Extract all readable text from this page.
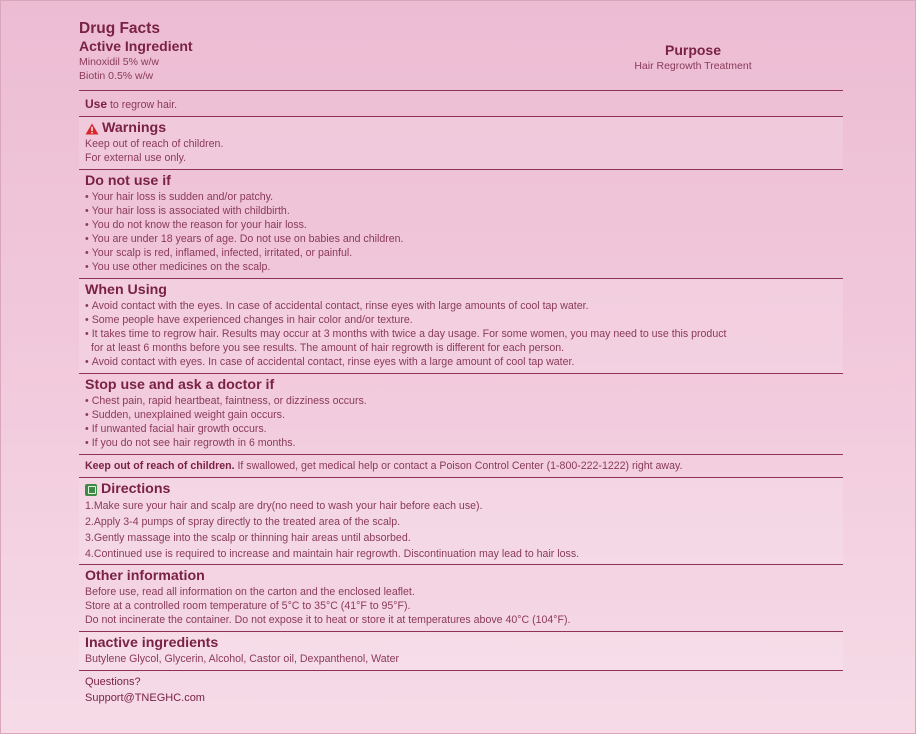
Drug Facts
Active Ingredient
Minoxidil 5% w/w
Biotin 0.5% w/w
Purpose
Hair Regrowth Treatment
Use to regrow hair.
Warnings
Keep out of reach of children.
For external use only.
Do not use if
• Your hair loss is sudden and/or patchy.
• Your hair loss is associated with childbirth.
• You do not know the reason for your hair loss.
• You are under 18 years of age. Do not use on babies and children.
• Your scalp is red, inflamed, infected, irritated, or painful.
• You use other medicines on the scalp.
When Using
• Avoid contact with the eyes. In case of accidental contact, rinse eyes with large amounts of cool tap water.
• Some people have experienced changes in hair color and/or texture.
• It takes time to regrow hair. Results may occur at 3 months with twice a day usage. For some women, you may need to use this product
for at least 6 months before you see results. The amount of hair regrowth is different for each person.
• Avoid contact with eyes. In case of accidental contact, rinse eyes with a large amount of cool tap water.
Stop use and ask a doctor if
• Chest pain, rapid heartbeat, faintness, or dizziness occurs.
• Sudden, unexplained weight gain occurs.
• If unwanted facial hair growth occurs.
• If you do not see hair regrowth in 6 months.
Keep out of reach of children. If swallowed, get medical help or contact a Poison Control Center (1-800-222-1222) right away.
Directions
1.Make sure your hair and scalp are dry(no need to wash your hair before each use).
2.Apply 3-4 pumps of spray directly to the treated area of the scalp.
3.Gently massage into the scalp or thinning hair areas until absorbed.
4.Continued use is required to increase and maintain hair regrowth. Discontinuation may lead to hair loss.
Other information
Before use, read all information on the carton and the enclosed leaflet.
Store at a controlled room temperature of 5°C to 35°C (41°F to 95°F).
Do not incinerate the container. Do not expose it to heat or store it at temperatures above 40°C (104°F).
Inactive ingredients
Butylene Glycol, Glycerin, Alcohol, Castor oil, Dexpanthenol, Water
Questions?
Support@TNEGHC.com
